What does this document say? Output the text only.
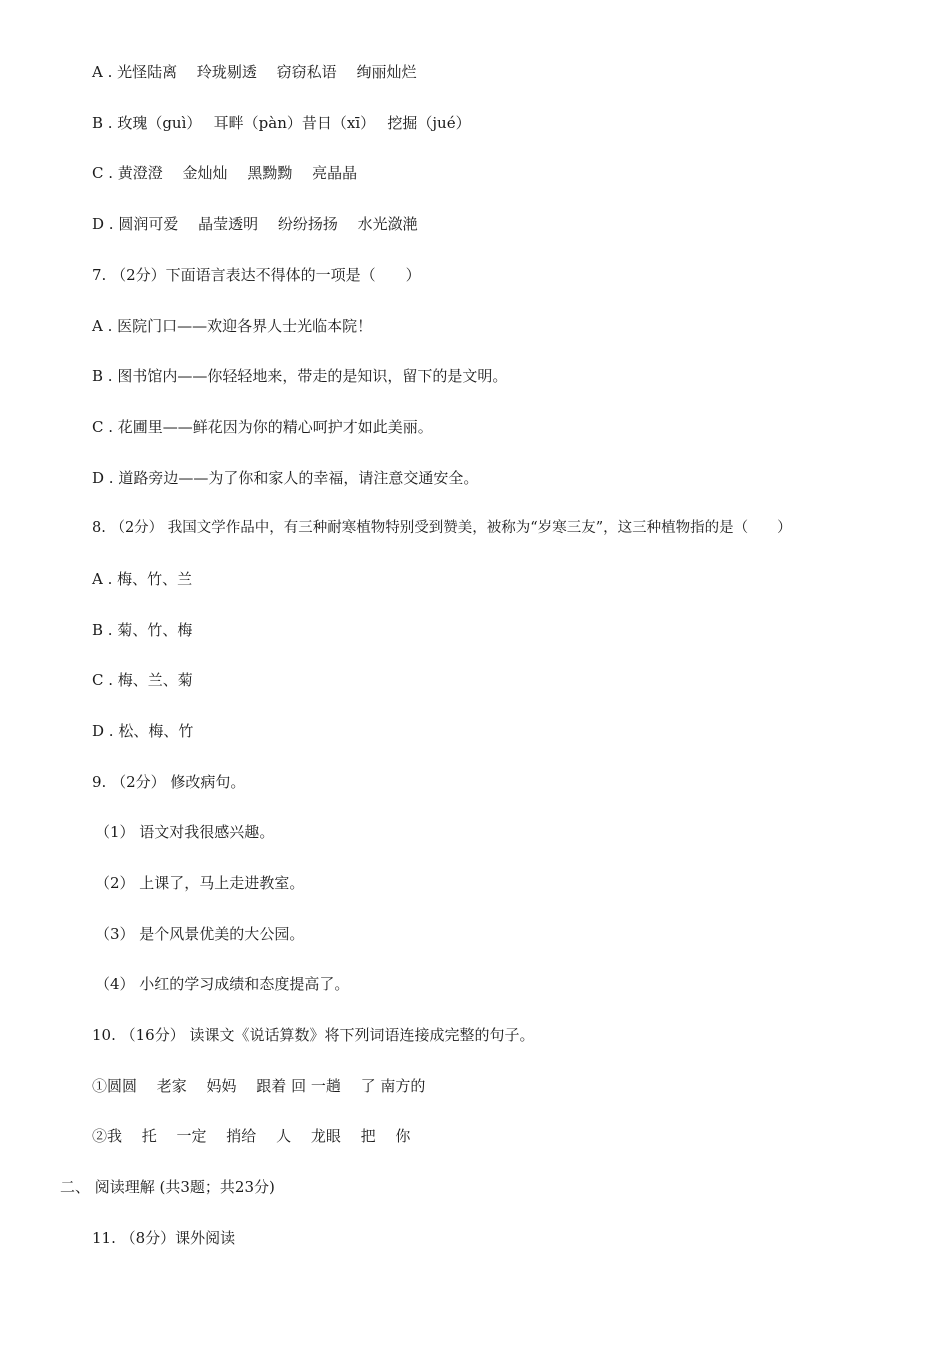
A . 光怪陆离　 玲珑剔透　 窃窃私语　 绚丽灿烂
B . 玫瑰（guì）　 耳畔（pàn）昔日（xī）　 挖掘（jué）
C . 黄澄澄　 金灿灿　 黑黝黝　 亮晶晶
D . 圆润可爱　 晶莹透明　 纷纷扬扬　 水光潋滟
7. （2分）下面语言表达不得体的一项是（　　）
A . 医院门口——欢迎各界人士光临本院！
B . 图书馆内——你轻轻地来，带走的是知识，留下的是文明。
C . 花圃里——鲜花因为你的精心呵护才如此美丽。
D . 道路旁边——为了你和家人的幸福，请注意交通安全。
8. （2分） 我国文学作品中，有三种耐寒植物特别受到赞美，被称为“岁寒三友”，这三种植物指的是（　　）
A . 梅、竹、兰
B . 菊、竹、梅
C . 梅、兰、菊
D . 松、梅、竹
9. （2分） 修改病句。
（1） 语文对我很感兴趣。
（2） 上课了，马上走进教室。
（3） 是个风景优美的大公园。
（4） 小红的学习成绩和态度提高了。
10. （16分） 读课文《说话算数》将下列词语连接成完整的句子。
①圆圆　 老家　 妈妈　 跟着 回 一趟　 了 南方的
②我　 托　 一定　 捎给　 人　 龙眼　 把　 你
二、 阅读理解 (共3题；共23分)
11. （8分）课外阅读
